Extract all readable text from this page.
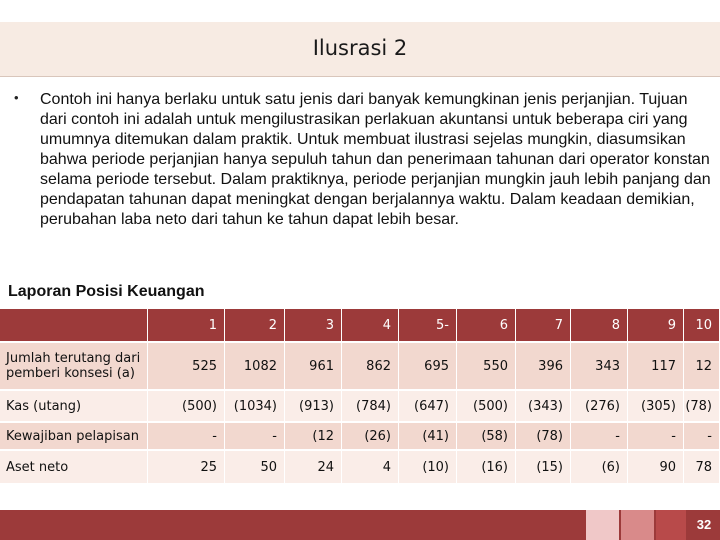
Ilusrasi 2
• Contoh ini hanya berlaku untuk satu jenis dari banyak kemungkinan jenis perjanjian. Tujuan dari contoh ini adalah untuk mengilustrasikan perlakuan akuntansi untuk beberapa ciri yang umumnya ditemukan dalam praktik. Untuk membuat ilustrasi sejelas mungkin, diasumsikan bahwa periode perjanjian hanya sepuluh tahun dan penerimaan tahunan dari operator konstan selama periode tersebut. Dalam praktiknya, periode perjanjian mungkin jauh lebih panjang dan pendapatan tahunan dapat meningkat dengan berjalannya waktu. Dalam keadaan demikian, perubahan laba neto dari tahun ke tahun dapat lebih besar.

Laporan Posisi Keuangan
	1	2	3	4	5-	6	7	8	9	10
Jumlah terutang dari pemberi konsesi (a)	525	1082	961	862	695	550	396	343	117	12
Kas (utang)	(500)	(1034)	(913)	(784)	(647)	(500)	(343)	(276)	(305)	(78)
Kewajiban pelapisan	-	-	(12	(26)	(41)	(58)	(78)	-	-	-
Aset neto	25	50	24	4	(10)	(16)	(15)	(6)	90	78
32
